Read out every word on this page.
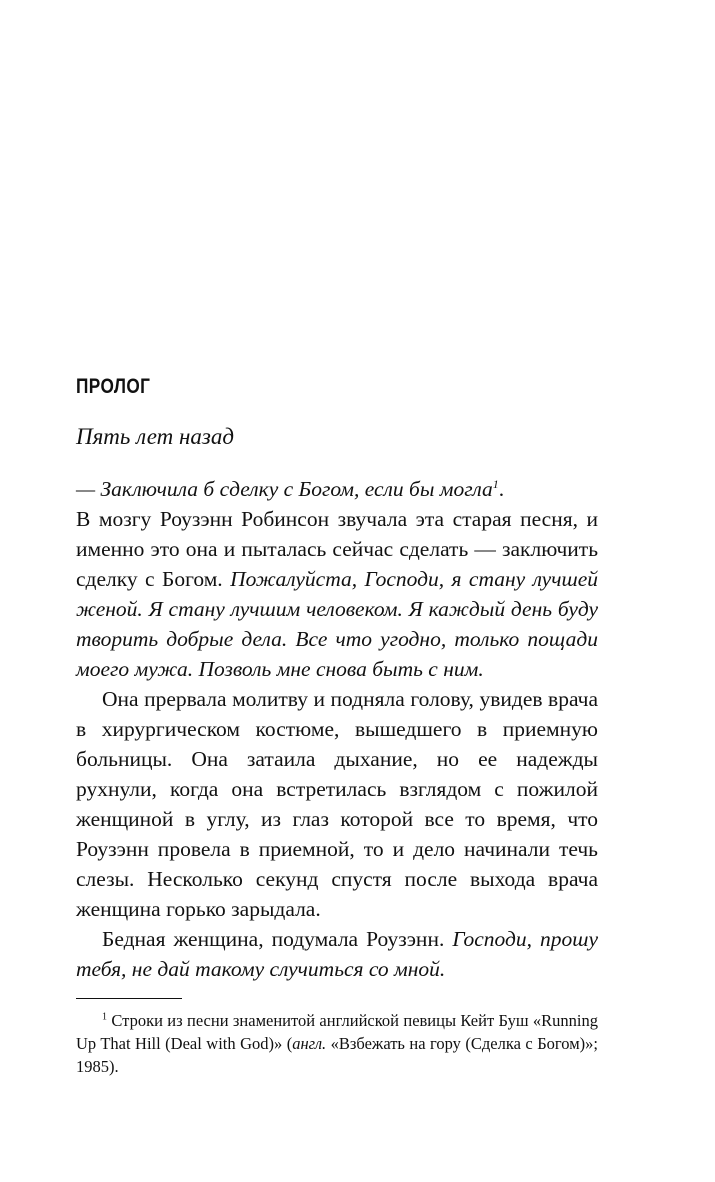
ПРОЛОГ
Пять лет назад

— Заключила б сделку с Богом, если бы могла$^1$.

В мозгу Роузэнн Робинсон звучала эта старая песня, и именно это она и пыталась сейчас сделать — заключить сделку с Богом. Пожалуйста, Господи, я стану лучшей женой. Я стану лучшим человеком. Я каждый день буду творить добрые дела. Все что угодно, только пощади моего мужа. Позволь мне снова быть с ним.

Она прервала молитву и подняла голову, увидев врача в хирургическом костюме, вышедшего в приемную больницы. Она затаила дыхание, но ее надежды рухнули, когда она встретилась взглядом с пожилой женщиной в углу, из глаз которой все то время, что Роузэнн провела в приемной, то и дело начинали течь слезы. Несколько секунд спустя после выхода врача женщина горько зарыдала.

Бедная женщина, подумала Роузэнн. Господи, прошу тебя, не дай такому случиться со мной.

$^1$ Строки из песни знаменитой английской певицы Кейт Буш «Running Up That Hill (Deal with God)» (англ. «Взбежать на гору (Сделка с Богом)»; 1985).
